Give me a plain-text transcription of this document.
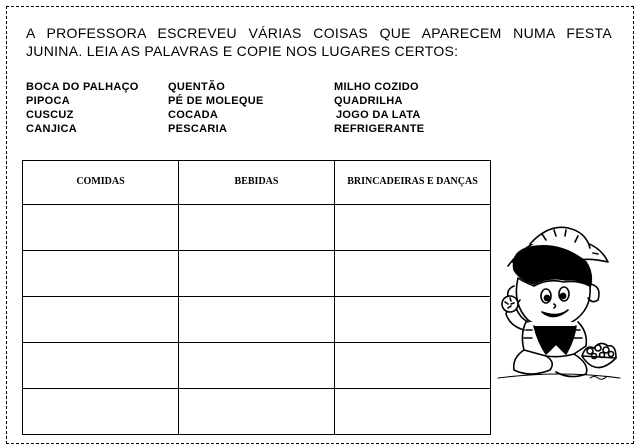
A PROFESSORA ESCREVEU VÁRIAS COISAS QUE APARECEM NUMA FESTA JUNINA. LEIA AS PALAVRAS E COPIE NOS LUGARES CERTOS:
BOCA DO PALHAÇO
PIPOCA
CUSCUZ
CANJICA
QUENTÃO
PÉ DE MOLEQUE
COCADA
PESCARIA
MILHO COZIDO
QUADRILHA
JOGO DA LATA
REFRIGERANTE
COMIDAS	BEBIDAS	BRINCADEIRAS E DANÇAS
